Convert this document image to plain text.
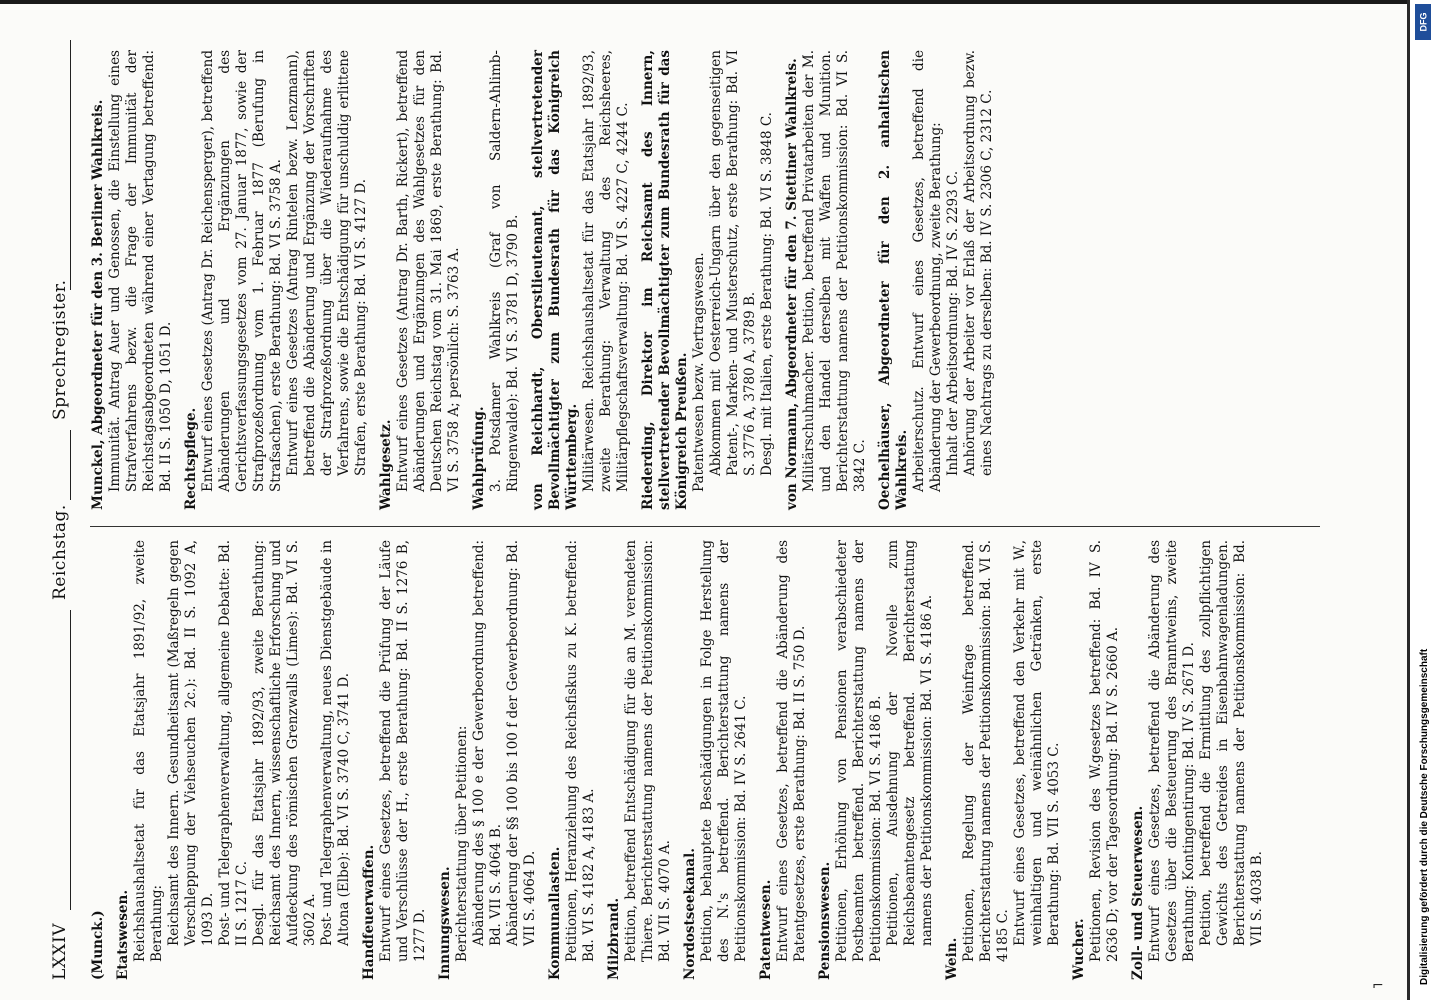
LXXIV
Reichstag.
Sprechregister.

(Munck.) Etatswesen. Reichshaushaltsetat für das Etatsjahr 1891/92, zweite Berathung: Reichsamt des Innern. Gesundheitsamt (Maßregeln gegen Verschleppung der Viehseuchen 2c.): Bd. II S. 1092 A, 1093 D. Post- und Telegraphenverwaltung, allgemeine Debatte: Bd. II S. 1217 C. Desgl. für das Etatsjahr 1892/93, zweite Berathung: Reichsamt des Innern, wissenschaftliche Erforschung und Aufdeckung des römischen Grenzwalls (Limes): Bd. VI S. 3602 A. Post- und Telegraphenverwaltung, neues Dienstgebäude in Altona (Elbe): Bd. VI S. 3740 C, 3741 D. Handfeuerwaffen. Entwurf eines Gesetzes, betreffend die Prüfung der Läufe und Verschlüsse der H., erste Berathung: Bd. II S. 1276 B, 1277 D. Innungswesen. Berichterstattung über Petitionen: Abänderung des § 100 e der Gewerbeordnung betreffend: Bd. VII S. 4064 B. Abänderung der §§ 100 bis 100 f der Gewerbeordnung: Bd. VII S. 4064 D. Kommunallasten. Petitionen, Heranziehung des Reichsfiskus zu K. betreffend: Bd. VI S. 4182 A, 4183 A. Milzbrand. Petition, betreffend Entschädigung für die an M. verendeten Thiere. Berichterstattung namens der Petitionskommission: Bd. VII S. 4070 A. Nordostseekanal. Petition, behauptete Beschädigungen in Folge Herstellung des N.'s betreffend. Berichterstattung namens der Petitionskommission: Bd. IV S. 2641 C. Patentwesen. Entwurf eines Gesetzes, betreffend die Abänderung des Patentgesetzes, erste Berathung: Bd. II S. 750 D. Pensionswesen. Petitionen, Erhöhung von Pensionen verabschiedeter Postbeamten betreffend. Berichterstattung namens der Petitionskommission: Bd. VI S. 4186 B. Petitionen, Ausdehnung der Novelle zum Reichsbeamtengesetz betreffend. Berichterstattung namens der Petitionskommission: Bd. VI S. 4186 A.

Wein. Petitionen, Regelung der Weinfrage betreffend. Berichterstattung namens der Petitionskommission: Bd. VI S. 4185 C. Entwurf eines Gesetzes, betreffend den Verkehr mit W., weinhaltigen und weinähnlichen Getränken, erste Berathung: Bd. VII S. 4053 C.

Wucher. Petitionen, Revision des W.gesetzes betreffend: Bd. IV S. 2636 D; vor der Tagesordnung: Bd. IV S. 2660 A. Zoll- und Steuerwesen. Entwurf eines Gesetzes, betreffend die Abänderung des Gesetzes über die Besteuerung des Branntweins, zweite Berathung: Kontingentirung: Bd. IV S. 2671 D. Petition, betreffend die Ermittlung des zollpflichtigen Gewichts des Getreides in Eisenbahnwagenladungen. Berichterstattung namens der Petitionskommission: Bd. VII S. 4038 B.

Munckel, Abgeordneter für den 3. Berliner Wahlkreis. Immunität. Antrag Auer und Genossen, die Einstellung eines Strafverfahrens bezw. die Frage der Immunität der Reichstagsabgeordneten während einer Vertagung betreffend: Bd. II S. 1050 D, 1051 D. Rechtspflege. Entwurf eines Gesetzes (Antrag Dr. Reichensperger), betreffend Abänderungen und Ergänzungen des Gerichtsverfassungsgesetzes vom 27. Januar 1877, sowie der Strafprozeßordnung vom 1. Februar 1877 (Berufung in Strafsachen), erste Berathung: Bd. VI S. 3758 A. Entwurf eines Gesetzes (Antrag Rintelen bezw. Lenzmann), betreffend die Abänderung und Ergänzung der Vorschriften der Strafprozeßordnung über die Wiederaufnahme des Verfahrens, sowie die Entschädigung für unschuldig erlittene Strafen, erste Berathung: Bd. VI S. 4127 D. Wahlgesetz. Entwurf eines Gesetzes (Antrag Dr. Barth, Rickert), betreffend Abänderungen und Ergänzungen des Wahlgesetzes für den Deutschen Reichstag vom 31. Mai 1869, erste Berathung: Bd. VI S. 3758 A; persönlich: S. 3763 A. Wahlprüfung. 3. Potsdamer Wahlkreis (Graf von Saldern-Ahlimb-Ringenwalde): Bd. VI S. 3781 D, 3790 B. von Reichhardt, Oberstlieutenant, stellvertretender Bevollmächtigter zum Bundesrath für das Königreich Württemberg. Militärwesen. Reichshaushaltsetat für das Etatsjahr 1892/93, zweite Berathung: Verwaltung des Reichsheeres, Militärpflegschaftsverwaltung: Bd. VI S. 4227 C, 4244 C. Riederding, Direktor im Reichsamt des Innern, stellvertretender Bevollmächtigter zum Bundesrath für das Königreich Preußen. Patentwesen bezw. Vertragswesen. Abkommen mit Oesterreich-Ungarn über den gegenseitigen Patent-, Marken- und Musterschutz, erste Berathung: Bd. VI S. 3776 A, 3780 A, 3789 B. Desgl. mit Italien, erste Berathung: Bd. VI S. 3848 C. von Normann, Abgeordneter für den 7. Stettiner Wahlkreis. Militärschuhmacher. Petition, betreffend Privatarbeiten der M. und den Handel derselben mit Waffen und Munition. Berichterstattung namens der Petitionskommission: Bd. VI S. 3842 C. Oechelhäuser, Abgeordneter für den 2. anhaltischen Wahlkreis. Arbeiterschutz. Entwurf eines Gesetzes, betreffend die Abänderung der Gewerbeordnung, zweite Berathung: Inhalt der Arbeitsordnung: Bd. IV S. 2293 C. Anhörung der Arbeiter vor Erlaß der Arbeitsordnung bezw. eines Nachtrags zu derselben: Bd. IV S. 2306 C, 2312 C.

⌐
DFG
Digitalisierung gefördert durch die Deutsche Forschungsgemeinschaft
